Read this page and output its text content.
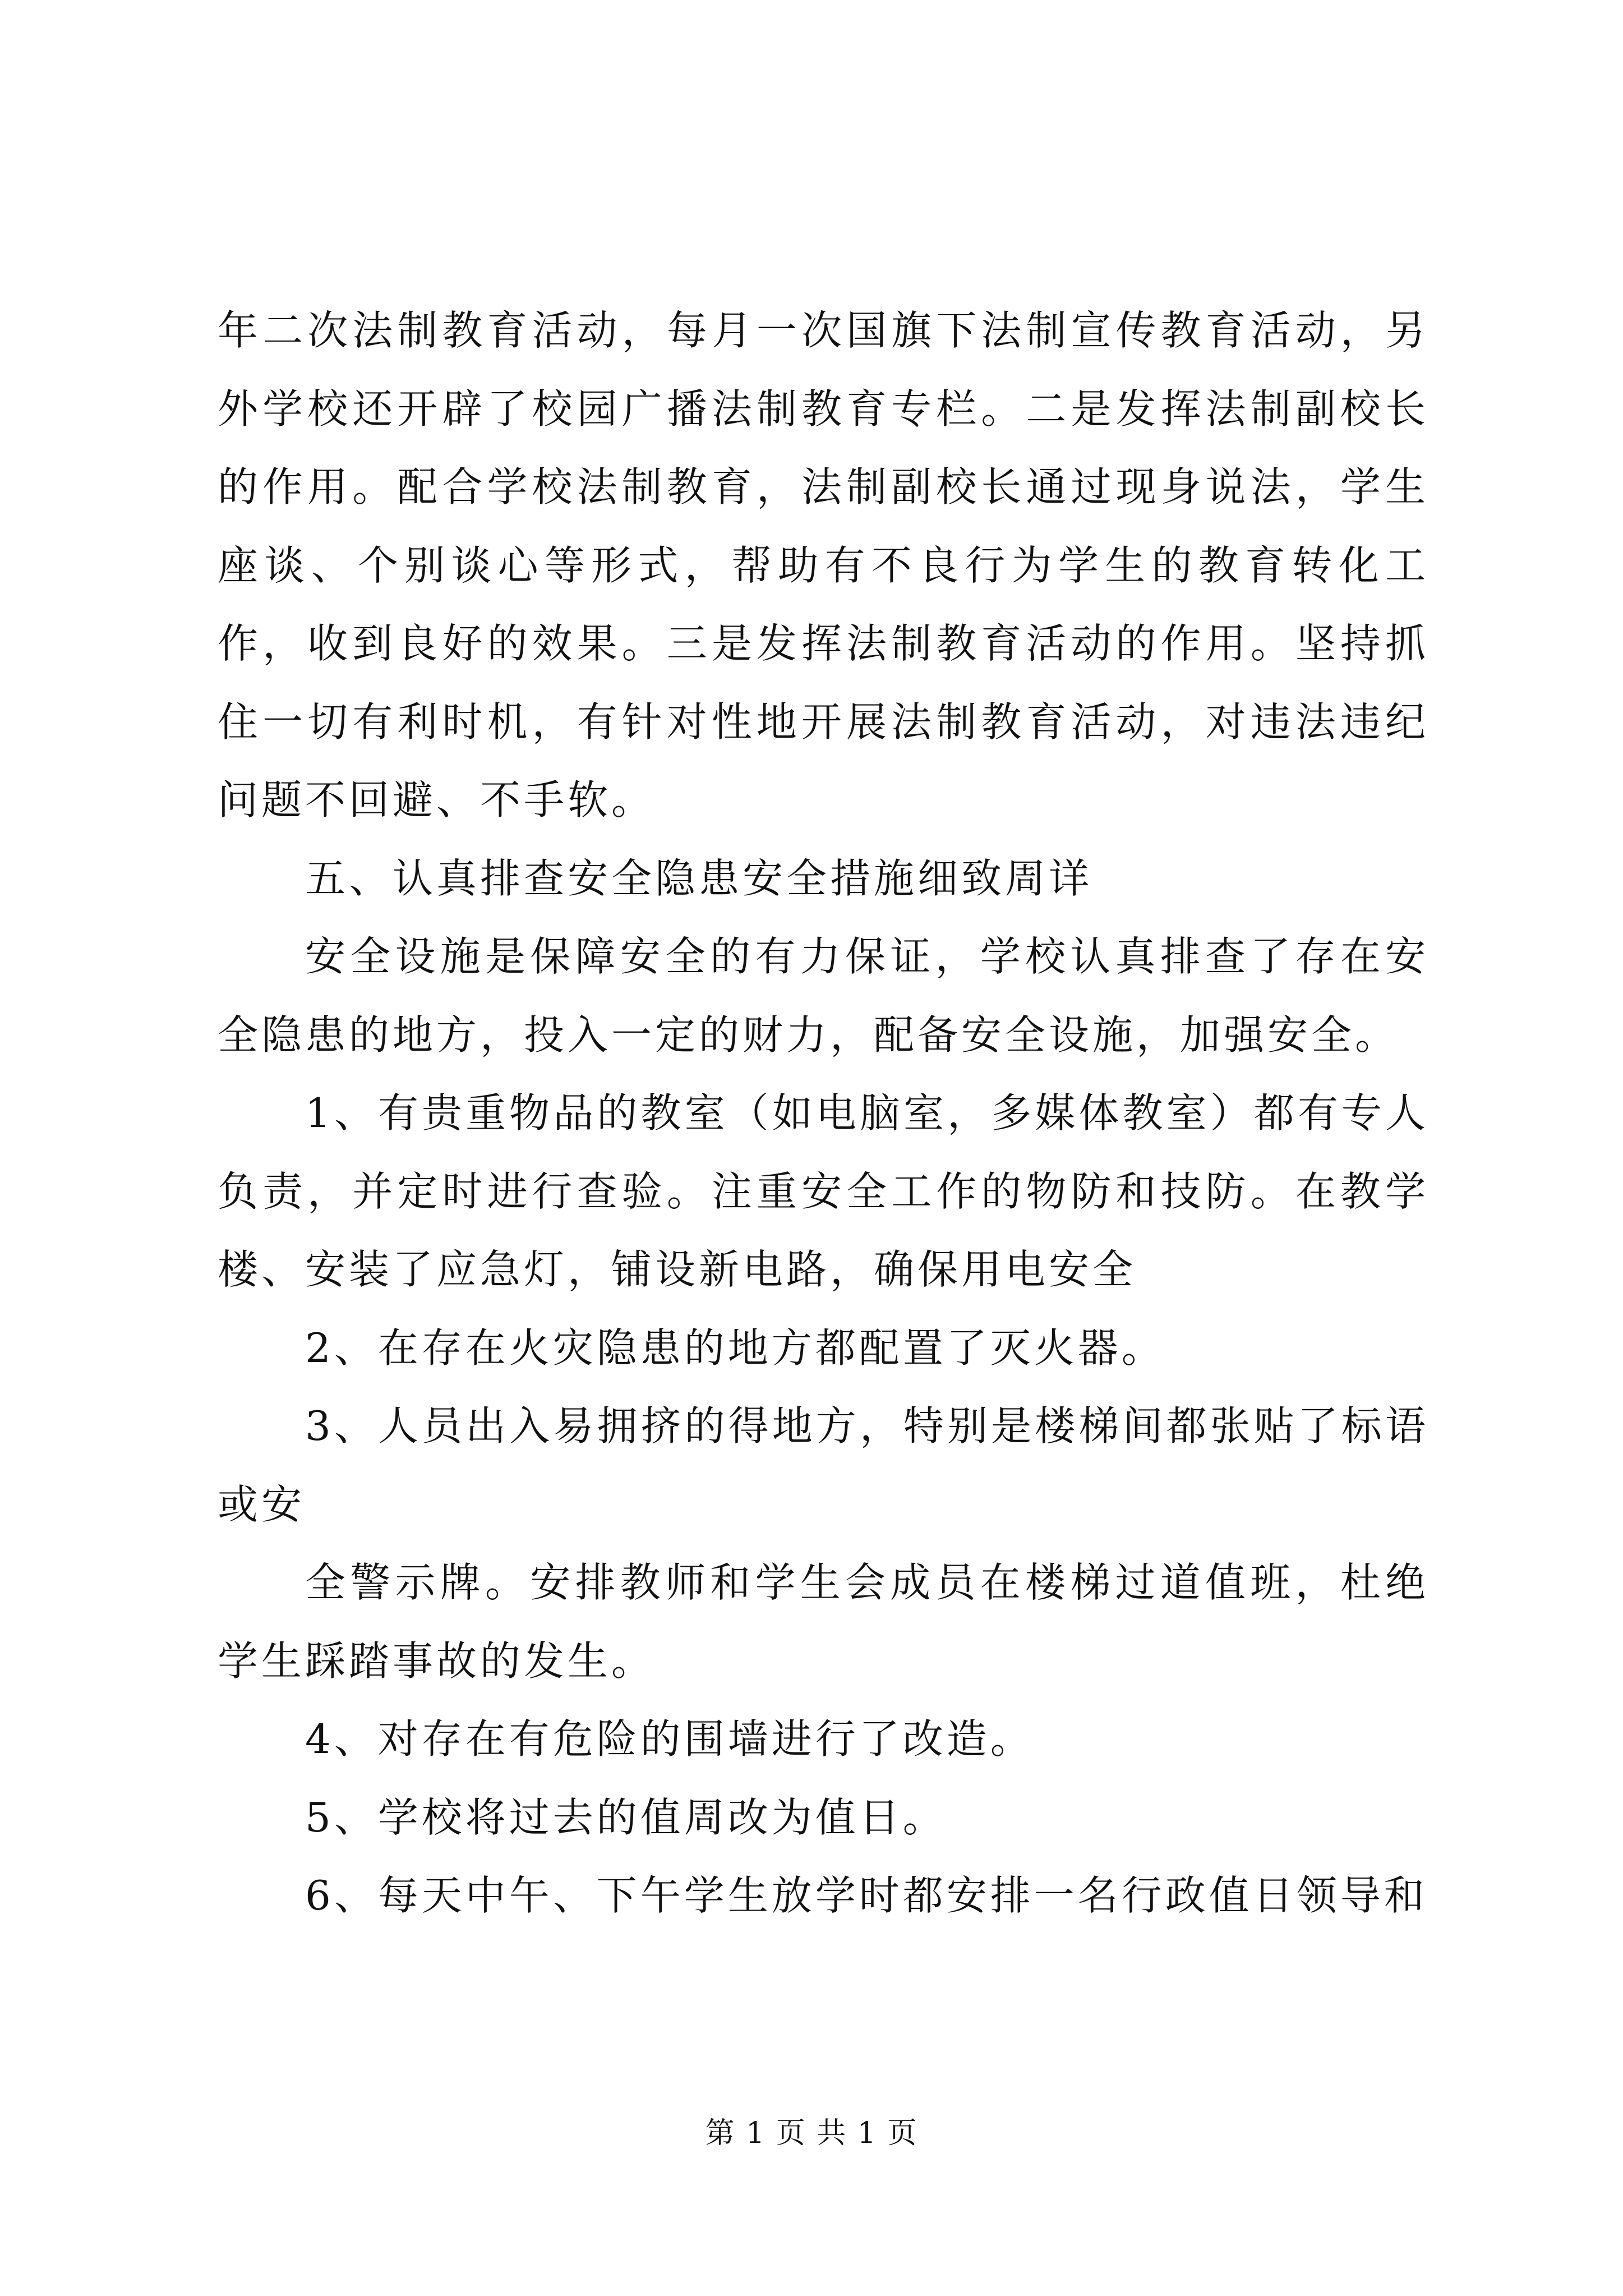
年二次法制教育活动，每月一次国旗下法制宣传教育活动，另外学校还开辟了校园广播法制教育专栏。二是发挥法制副校长的作用。配合学校法制教育，法制副校长通过现身说法，学生座谈、个别谈心等形式，帮助有不良行为学生的教育转化工作，收到良好的效果。三是发挥法制教育活动的作用。坚持抓住一切有利时机，有针对性地开展法制教育活动，对违法违纪问题不回避、不手软。

五、认真排查安全隐患安全措施细致周详

安全设施是保障安全的有力保证，学校认真排查了存在安全隐患的地方，投入一定的财力，配备安全设施，加强安全。

1、有贵重物品的教室（如电脑室，多媒体教室）都有专人负责，并定时进行查验。注重安全工作的物防和技防。在教学楼、安装了应急灯，铺设新电路，确保用电安全

2、在存在火灾隐患的地方都配置了灭火器。

3、人员出入易拥挤的得地方，特别是楼梯间都张贴了标语或安

全警示牌。安排教师和学生会成员在楼梯过道值班，杜绝学生踩踏事故的发生。

4、对存在有危险的围墙进行了改造。

5、学校将过去的值周改为值日。

6、每天中午、下午学生放学时都安排一名行政值日领导和

第 1 页 共 1 页
